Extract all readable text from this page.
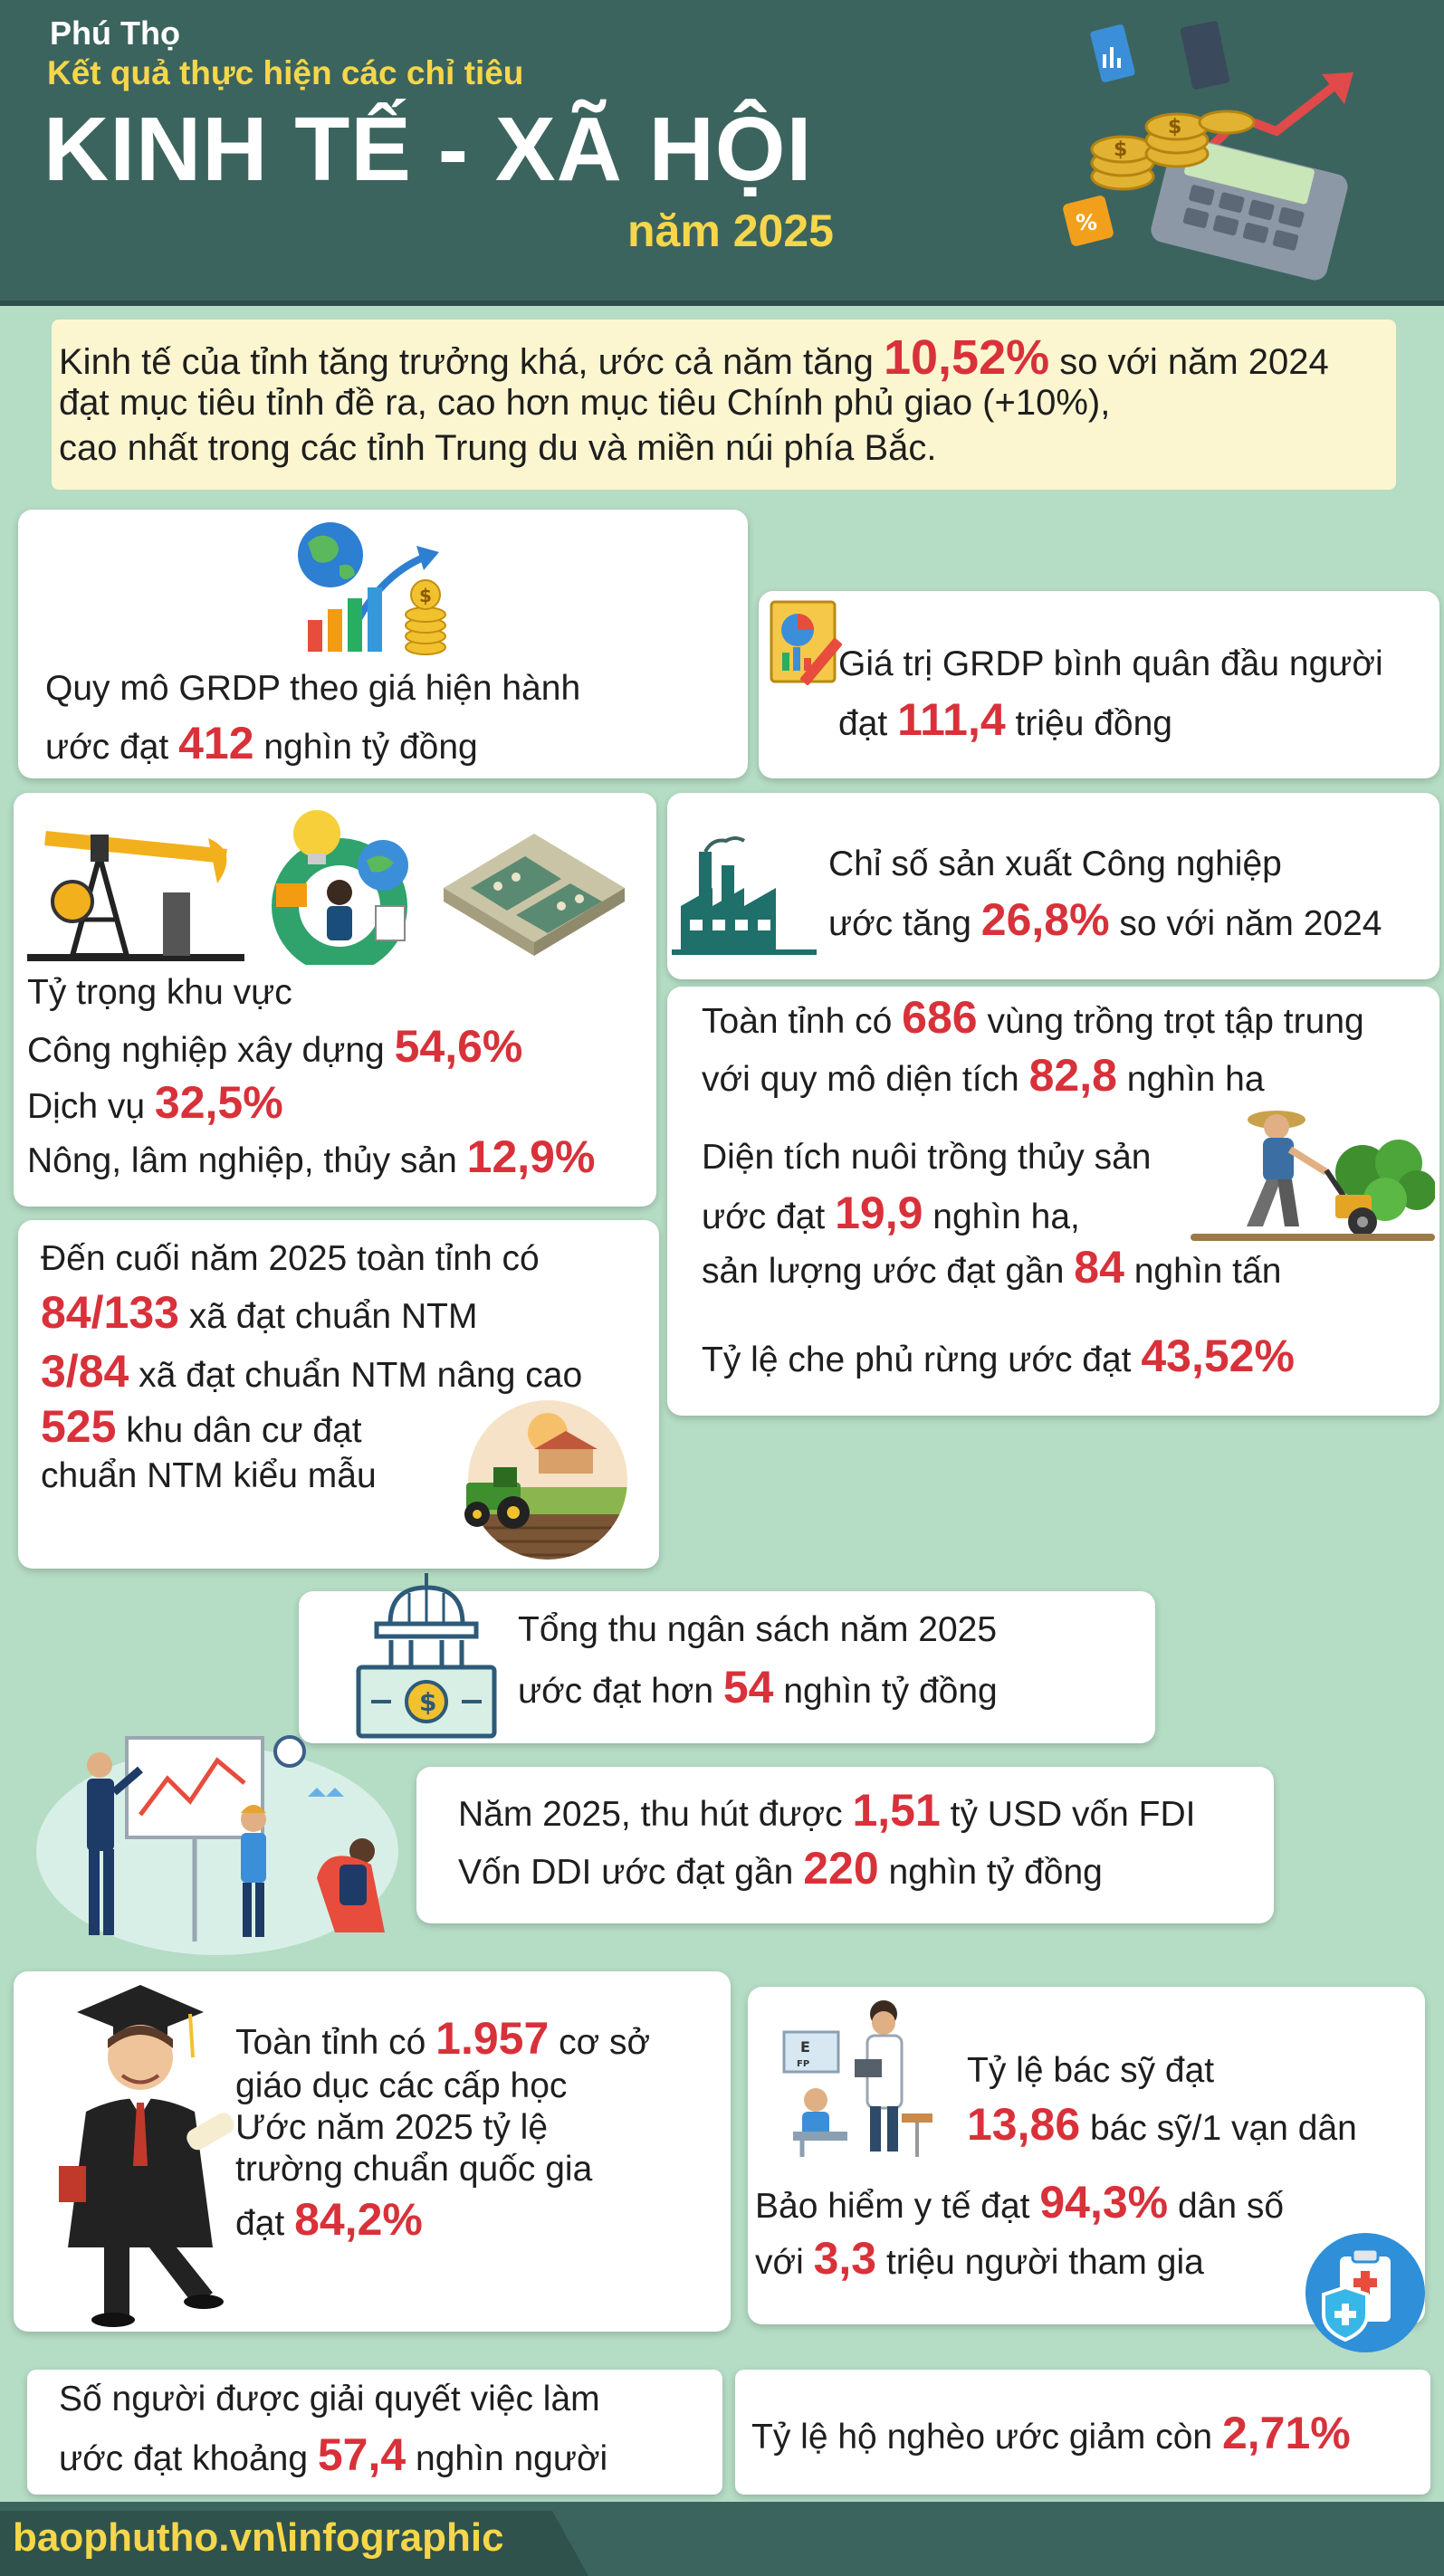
Phú Thọ
Kết quả thực hiện các chỉ tiêu
KINH TẾ - XÃ HỘI
năm 2025
$
$
%
Kinh tế của tỉnh tăng trưởng khá, ước cả năm tăng 10,52% so với năm 2024
đạt mục tiêu tỉnh đề ra, cao hơn mục tiêu Chính phủ giao (+10%),
cao nhất trong các tỉnh Trung du và miền núi phía Bắc.
$
Quy mô GRDP theo giá hiện hành
ước đạt 412 nghìn tỷ đồng
Giá trị GRDP bình quân đầu người
đạt 111,4 triệu đồng
Tỷ trọng khu vực
Công nghiệp xây dựng 54,6%
Dịch vụ 32,5%
Nông, lâm nghiệp, thủy sản 12,9%
Chỉ số sản xuất Công nghiệp
ước tăng 26,8% so với năm 2024
Toàn tỉnh có 686 vùng trồng trọt tập trung
với quy mô diện tích 82,8 nghìn ha
Diện tích nuôi trồng thủy sản
ước đạt 19,9 nghìn ha,
sản lượng ước đạt gần 84 nghìn tấn
Tỷ lệ che phủ rừng ước đạt 43,52%
Đến cuối năm 2025 toàn tỉnh có
84/133 xã đạt chuẩn NTM
3/84 xã đạt chuẩn NTM nâng cao
525 khu dân cư đạt
chuẩn NTM kiểu mẫu
$
Tổng thu ngân sách năm 2025
ước đạt hơn 54 nghìn tỷ đồng
Năm 2025, thu hút được 1,51 tỷ USD vốn FDI
Vốn DDI ước đạt gần 220 nghìn tỷ đồng
Toàn tỉnh có 1.957 cơ sở
giáo dục các cấp học
Ước năm 2025 tỷ lệ
trường chuẩn quốc gia
đạt 84,2%
E
FP	Tỷ lệ bác sỹ đạt
13,86 bác sỹ/1 vạn dân
Bảo hiểm y tế đạt 94,3% dân số
với 3,3 triệu người tham gia
Số người được giải quyết việc làm
ước đạt khoảng 57,4 nghìn người
Tỷ lệ hộ nghèo ước giảm còn 2,71%
baophutho.vn\infographic
